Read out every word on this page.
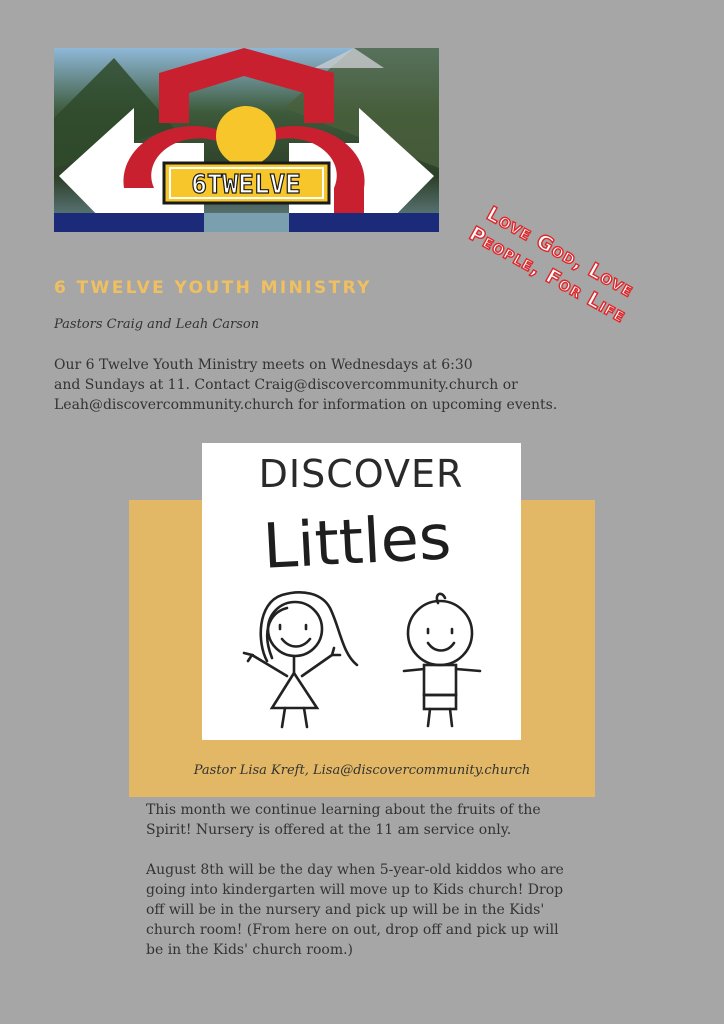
6TWELVE
Love God, Love People, For Life
6 TWELVE YOUTH MINISTRY
Pastors Craig and Leah Carson
Our 6 Twelve Youth Ministry meets on Wednesdays at 6:30
and Sundays at 11. Contact Craig@discovercommunity.church or
Leah@discovercommunity.church for information on upcoming events.
DISCOVER
Littles
Pastor Lisa Kreft, Lisa@discovercommunity.church

This month we continue learning about the fruits of the Spirit! Nursery is offered at the 11 am service only.

August 8th will be the day when 5-year-old kiddos who are going into kindergarten will move up to Kids church! Drop off will be in the nursery and pick up will be in the Kids' church room! (From here on out, drop off and pick up will be in the Kids' church room.)
